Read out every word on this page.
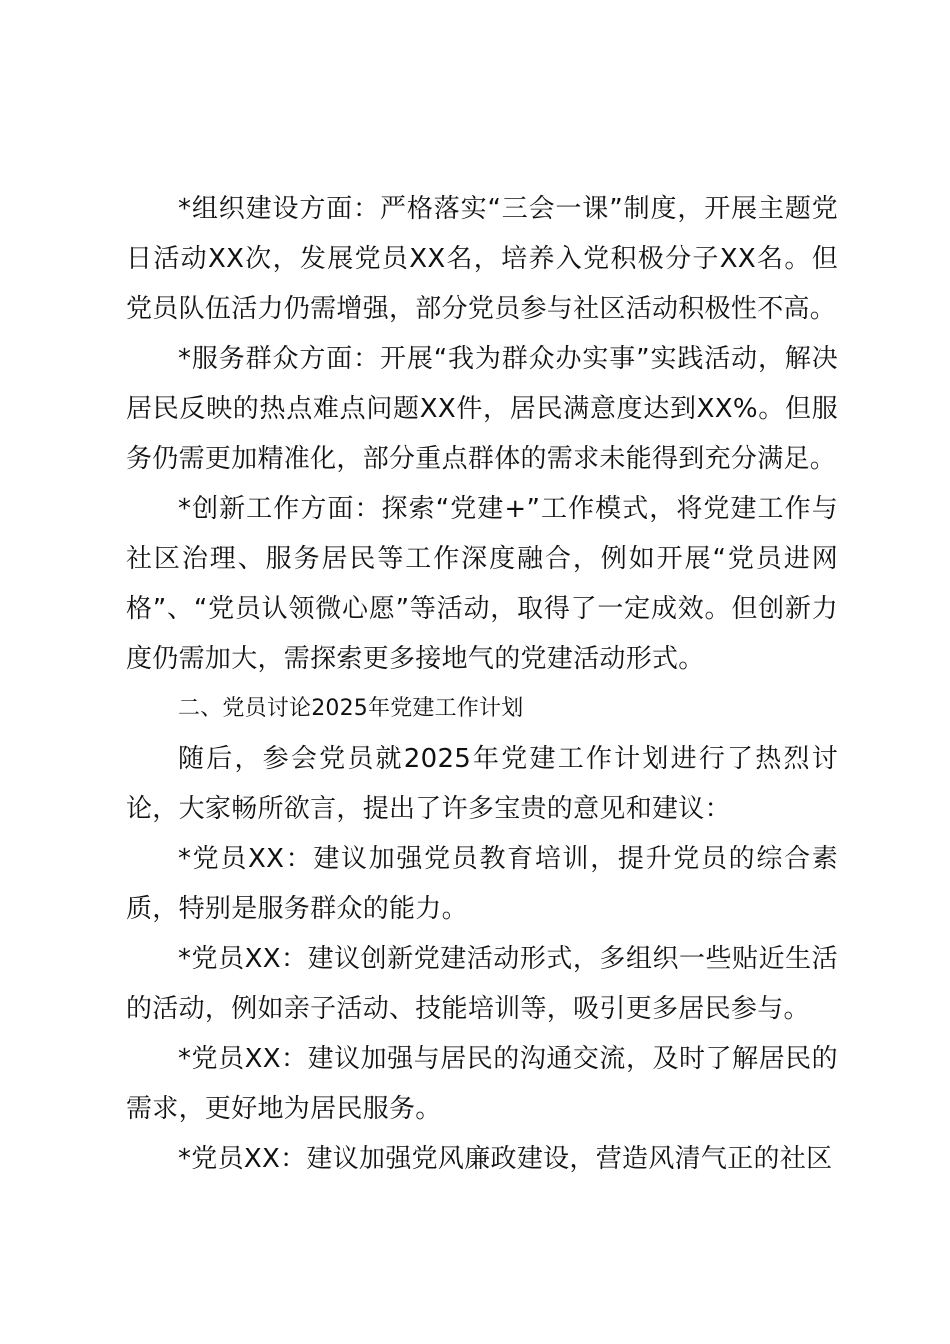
*组织建设方面：严格落实“三会一课”制度，开展主题党日活动XX次，发展党员XX名，培养入党积极分子XX名。但党员队伍活力仍需增强，部分党员参与社区活动积极性不高。

*服务群众方面：开展“我为群众办实事”实践活动，解决居民反映的热点难点问题XX件，居民满意度达到XX%。但服务仍需更加精准化，部分重点群体的需求未能得到充分满足。

*创新工作方面：探索“党建+”工作模式，将党建工作与社区治理、服务居民等工作深度融合，例如开展“党员进网格”、“党员认领微心愿”等活动，取得了一定成效。但创新力度仍需加大，需探索更多接地气的党建活动形式。

二、党员讨论2025年党建工作计划

随后，参会党员就2025年党建工作计划进行了热烈讨论，大家畅所欲言，提出了许多宝贵的意见和建议：

*党员XX：建议加强党员教育培训，提升党员的综合素质，特别是服务群众的能力。

*党员XX：建议创新党建活动形式，多组织一些贴近生活的活动，例如亲子活动、技能培训等，吸引更多居民参与。

*党员XX：建议加强与居民的沟通交流，及时了解居民的需求，更好地为居民服务。

*党员XX：建议加强党风廉政建设，营造风清气正的社区
